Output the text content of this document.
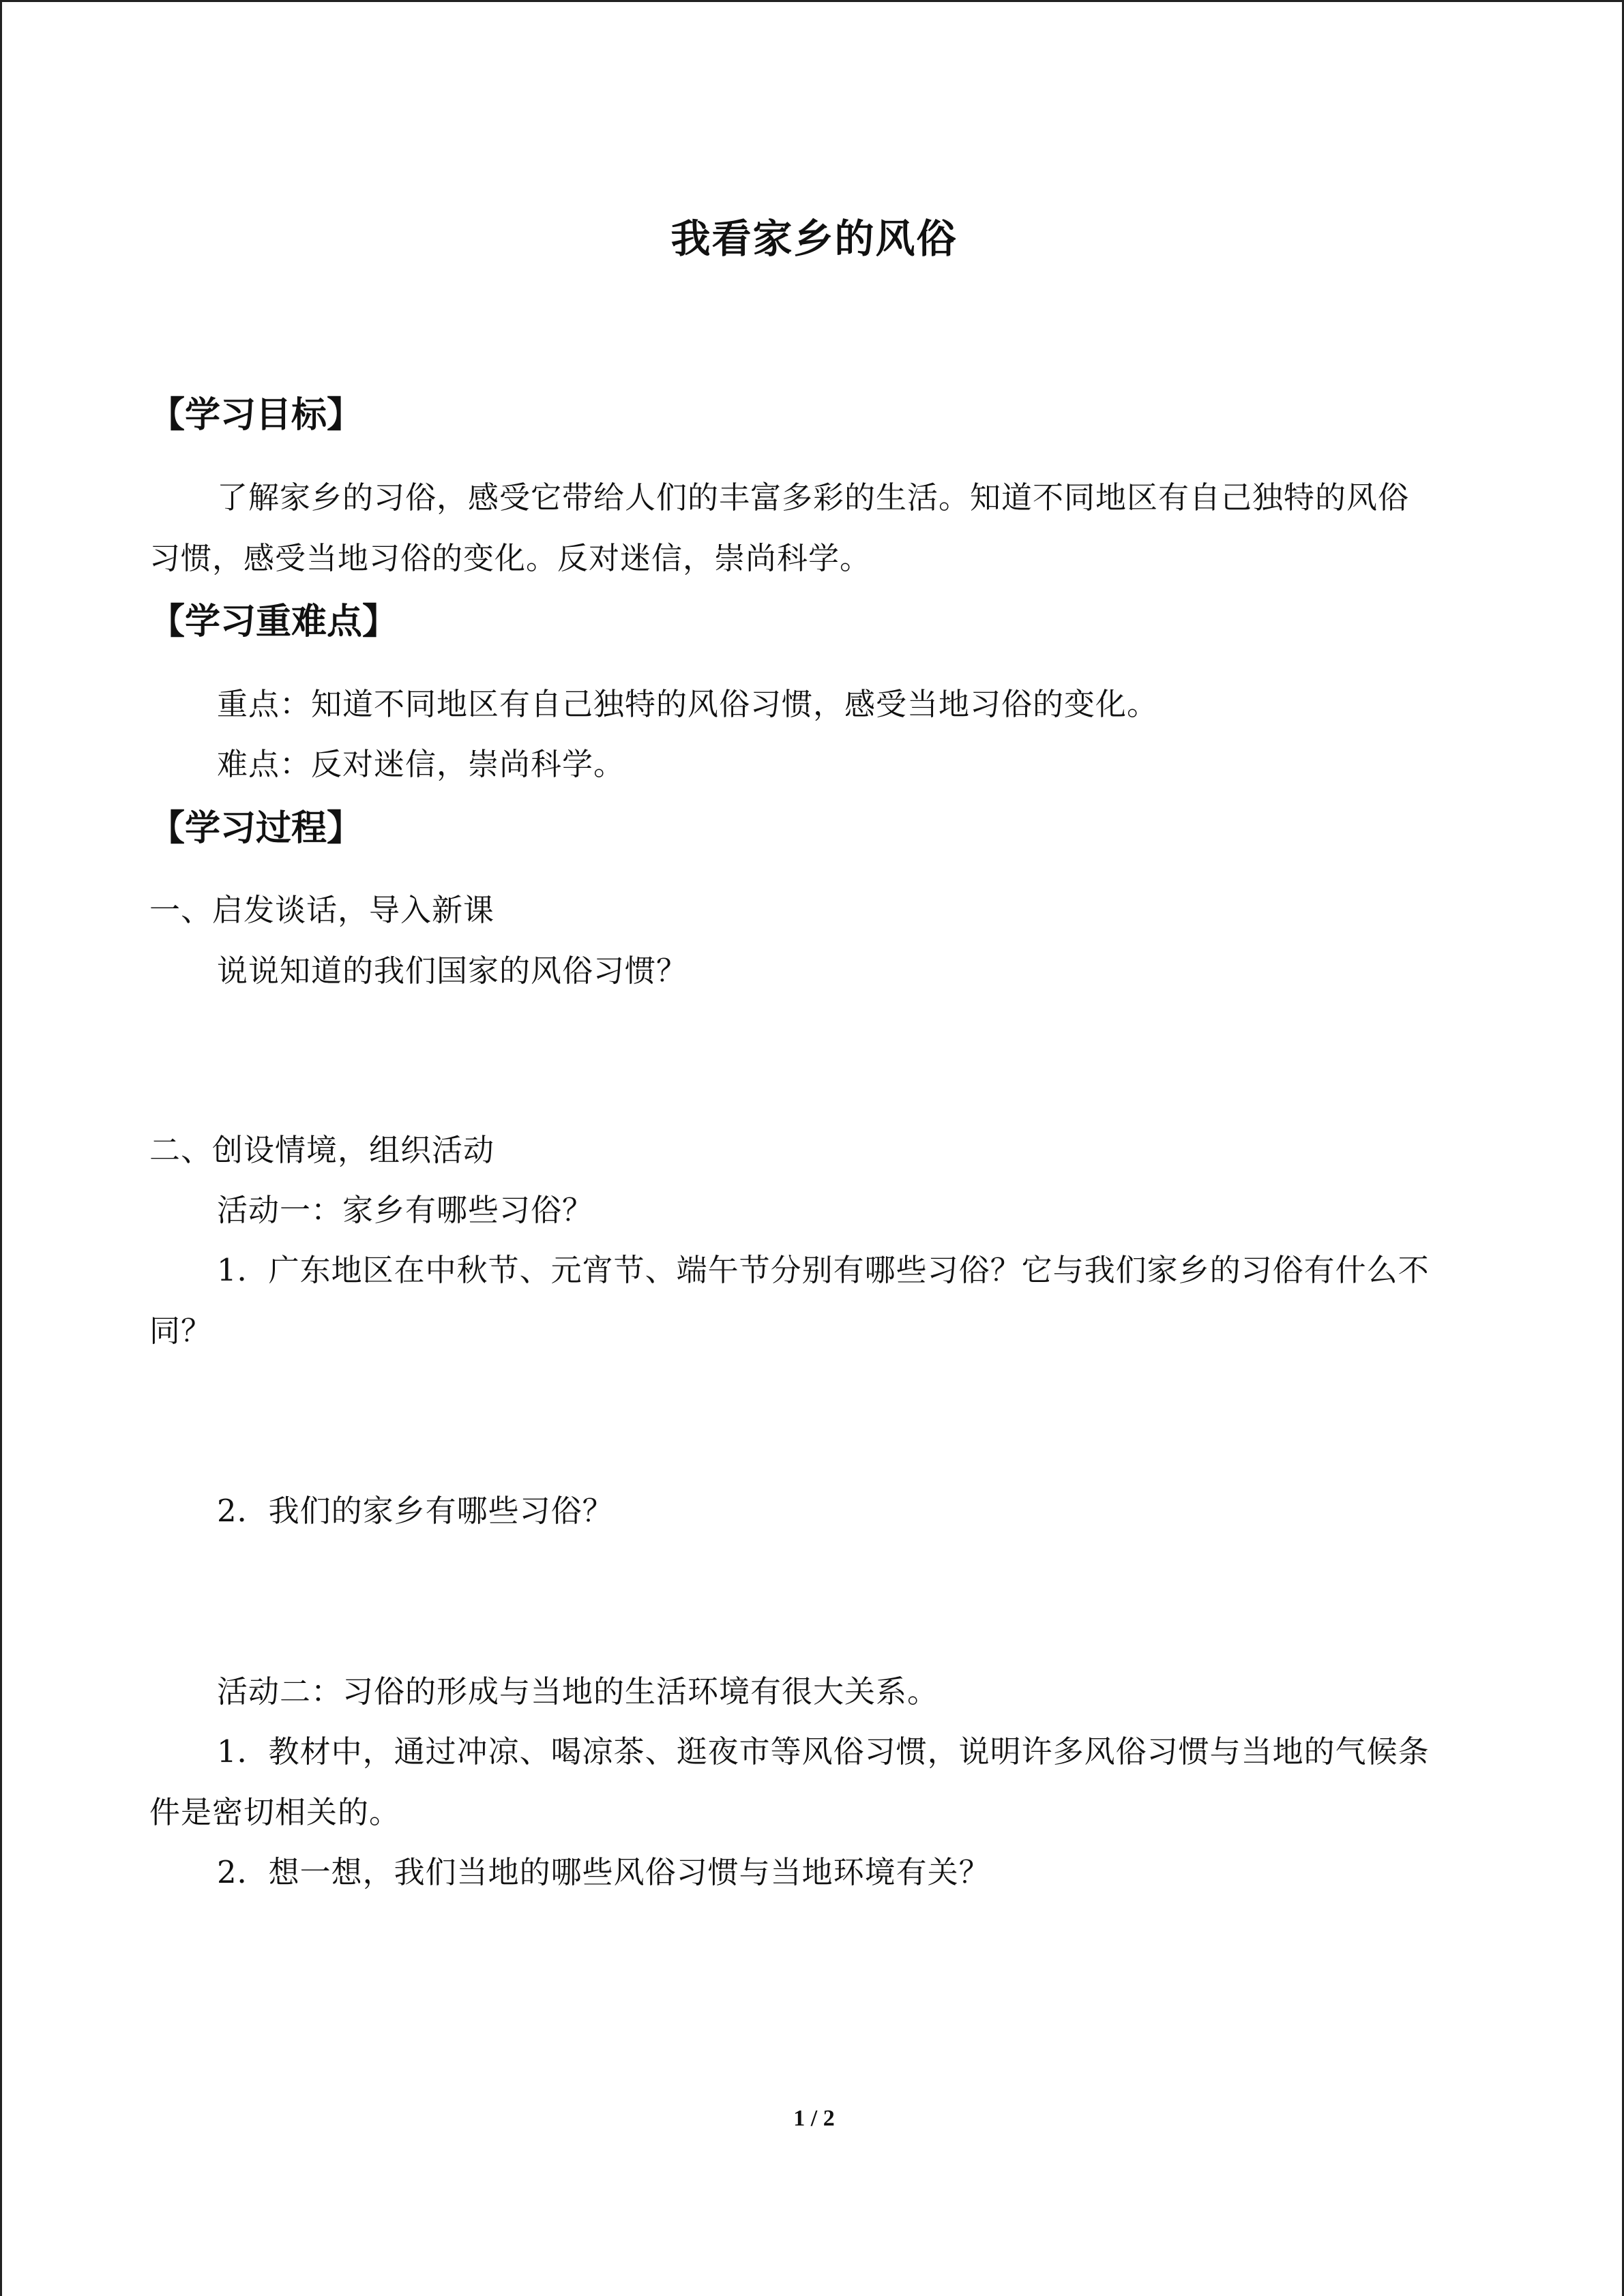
我看家乡的风俗
【学习目标】
了解家乡的习俗，感受它带给人们的丰富多彩的生活。知道不同地区有自己独特的风俗
习惯，感受当地习俗的变化。反对迷信，崇尚科学。
【学习重难点】
重点：知道不同地区有自己独特的风俗习惯，感受当地习俗的变化。
难点：反对迷信，崇尚科学。
【学习过程】
一、启发谈话，导入新课
说说知道的我们国家的风俗习惯？
二、创设情境，组织活动
活动一：家乡有哪些习俗？
1．广东地区在中秋节、元宵节、端午节分别有哪些习俗？它与我们家乡的习俗有什么不
同？
2．我们的家乡有哪些习俗？
活动二：习俗的形成与当地的生活环境有很大关系。
1．教材中，通过冲凉、喝凉茶、逛夜市等风俗习惯，说明许多风俗习惯与当地的气候条
件是密切相关的。
2．想一想，我们当地的哪些风俗习惯与当地环境有关？
1 / 2
